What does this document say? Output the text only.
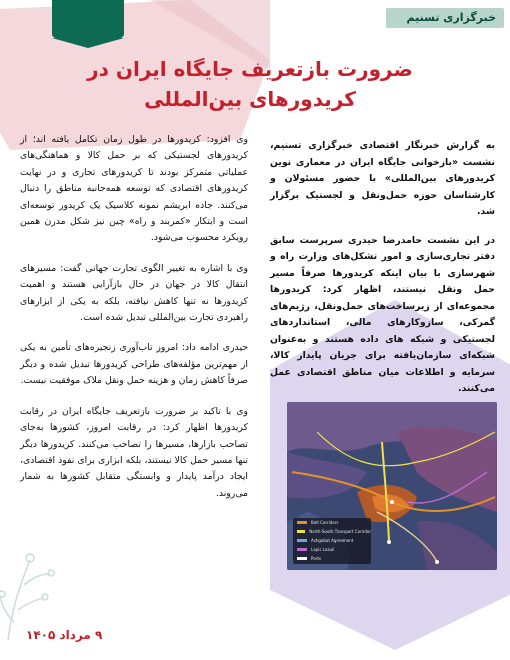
خبرگزاری تسنیم
ضرورت بازتعریف جایگاه ایران در
کریدورهای بین‌المللی

به گزارش خبرنگار اقتصادی خبرگزاری تسنیم، نشست «بازخوانی جایگاه ایران در معماری نوین کریدورهای بین‌المللی» با حضور مسئولان و کارشناسان حوزه حمل‌ونقل و لجستیک برگزار شد.

در این نشست حامدرضا حیدری سرپرست سابق دفتر تجاری‌سازی و امور تشکل‌های وزارت راه و شهرسازی با بیان اینکه کریدورها صرفاً مسیر حمل ونقل نیستند، اظهار کرد: کریدورها مجموعه‌ای از زیرساخت‌های حمل‌ونقل، رژیم‌های گمرکی، سازوکارهای مالی، استانداردهای لجستیکی و شبکه‌ های داده هستند و به‌عنوان شبکه‌ای سازمان‌یافته برای جریان پایدار کالا، سرمایه و اطلاعات میان مناطق اقتصادی عمل می‌کنند.

وی افزود: کریدورها در طول زمان تکامل یافته اند؛ از کریدورهای لجستیکی که بر حمل کالا و هماهنگی‌های عملیاتی متمرکز بودند تا کریدورهای تجاری و در نهایت کریدورهای اقتصادی که توسعه همه‌جانبه مناطق را دنبال می‌کنند. جاده ابریشم نمونه کلاسیک یک کریدور توسعه‌ای است و ابتکار «کمربند و راه» چین نیز شکل مدرن همین رویکرد محسوب می‌شود.

وی با اشاره به تغییر الگوی تجارت جهانی گفت: مسیرهای انتقال کالا در جهان در حال بازآرایی هستند و اهمیت کریدورها نه تنها کاهش نیافته، بلکه به یکی از ابزارهای راهبردی تجارت بین‌المللی تبدیل شده است.

حیدری ادامه داد: امروز تاب‌آوری زنجیره‌های تأمین به یکی از مهم‌ترین مؤلفه‌های طراحی کریدورها تبدیل شده و دیگر صرفاً کاهش زمان و هزینه حمل ونقل ملاک موفقیت نیست.

وی با تاکید بر ضرورت بازتعریف جایگاه ایران در رقابت کریدورها اظهار کرد: در رقابت امروز، کشورها به‌جای تصاحب بازارها، مسیرها را تصاحب می‌کنند. کریدورها دیگر تنها مسیر حمل کالا نیستند، بلکه ابزاری برای نفوذ اقتصادی، ایجاد درآمد پایدار و وابستگی متقابل کشورها به شمار می‌روند.

Belt Corridors
North-South Transport Corridor
Ashgabat Agreement
Lapis Lazuli
Ports
۹ مرداد ۱۴۰۵
